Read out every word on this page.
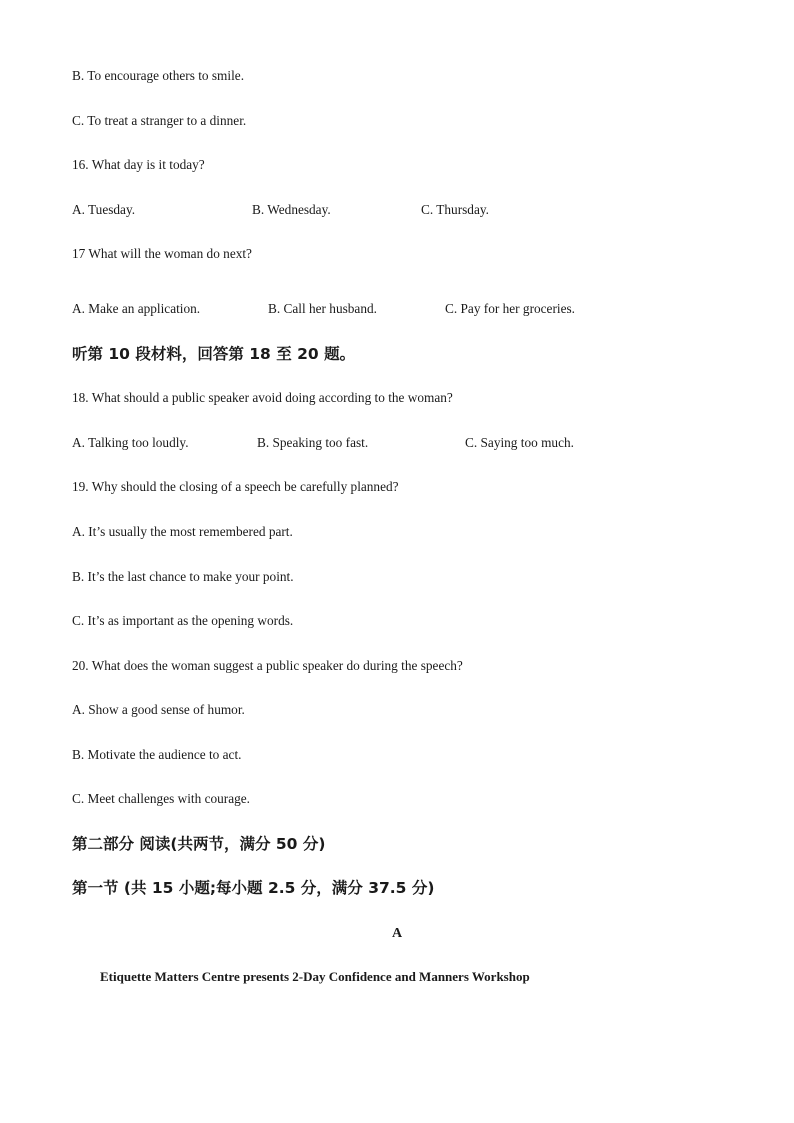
B. To encourage others to smile.
C. To treat a stranger to a dinner.
16. What day is it today?
A. Tuesday.	B. Wednesday.	C. Thursday.
17 What will the woman do next?
A. Make an application.	B. Call her husband.	C. Pay for her groceries.
听第 10 段材料，回答第 18 至 20 题。
18. What should a public speaker avoid doing according to the woman?
A. Talking too loudly.	B. Speaking too fast.	C. Saying too much.
19. Why should the closing of a speech be carefully planned?
A. It’s usually the most remembered part.
B. It’s the last chance to make your point.
C. It’s as important as the opening words.
20. What does the woman suggest a public speaker do during the speech?
A. Show a good sense of humor.
B. Motivate the audience to act.
C. Meet challenges with courage.
第二部分 阅读(共两节，满分 50 分)
第一节 (共 15 小题;每小题 2.5 分，满分 37.5 分)
A
Etiquette Matters Centre presents 2-Day Confidence and Manners Workshop
